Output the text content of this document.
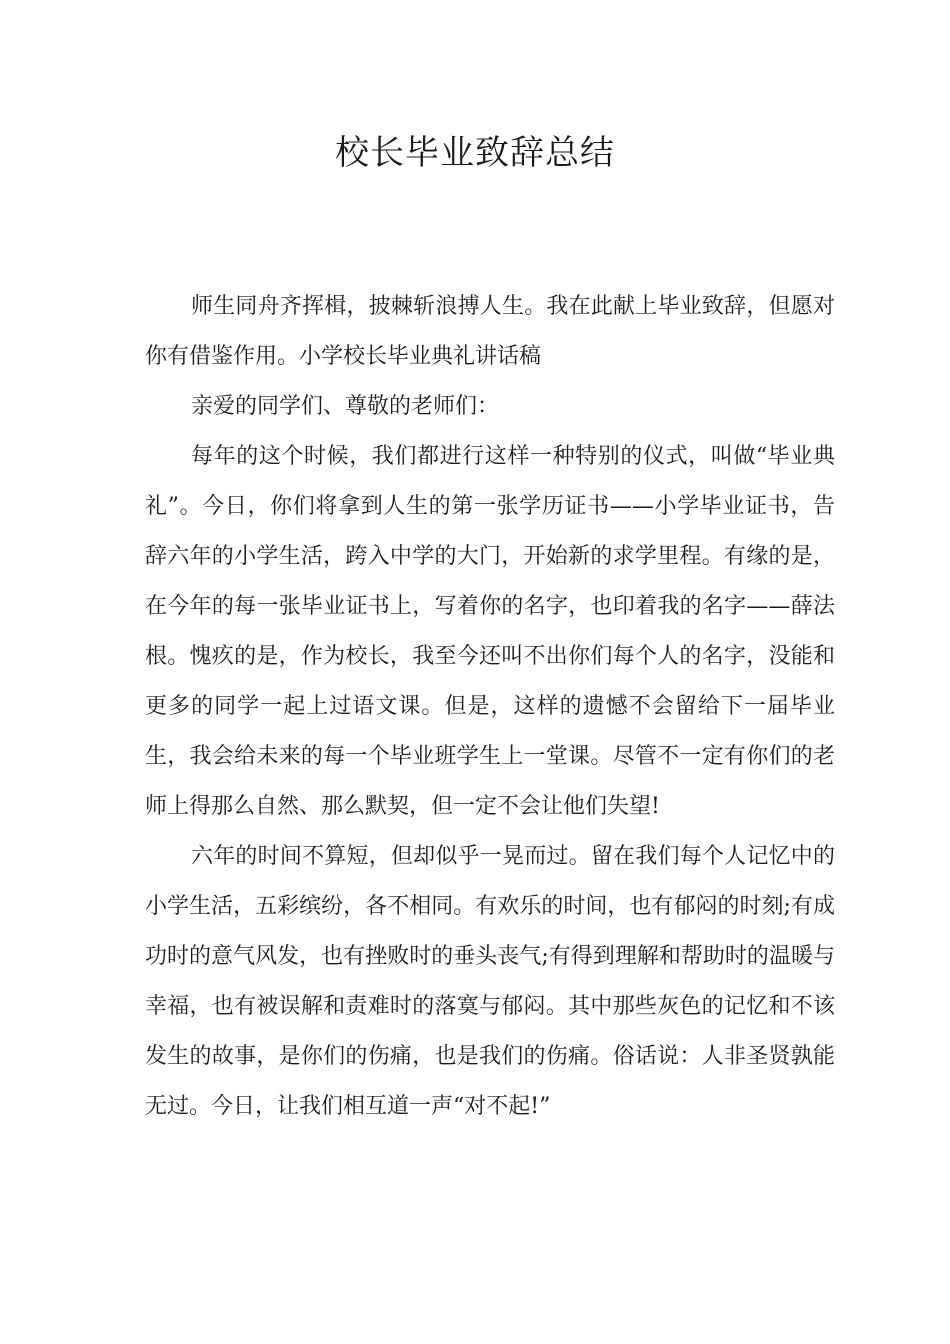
校长毕业致辞总结

师生同舟齐挥楫，披棘斩浪搏人生。我在此献上毕业致辞，但愿对你有借鉴作用。小学校长毕业典礼讲话稿

亲爱的同学们、尊敬的老师们：

每年的这个时候，我们都进行这样一种特别的仪式，叫做“毕业典礼”。今日，你们将拿到人生的第一张学历证书——小学毕业证书，告辞六年的小学生活，跨入中学的大门，开始新的求学里程。有缘的是，在今年的每一张毕业证书上，写着你的名字，也印着我的名字——薛法根。愧疚的是，作为校长，我至今还叫不出你们每个人的名字，没能和更多的同学一起上过语文课。但是，这样的遗憾不会留给下一届毕业生，我会给未来的每一个毕业班学生上一堂课。尽管不一定有你们的老师上得那么自然、那么默契，但一定不会让他们失望!

六年的时间不算短，但却似乎一晃而过。留在我们每个人记忆中的小学生活，五彩缤纷，各不相同。有欢乐的时间，也有郁闷的时刻;有成功时的意气风发，也有挫败时的垂头丧气;有得到理解和帮助时的温暖与幸福，也有被误解和责难时的落寞与郁闷。其中那些灰色的记忆和不该发生的故事，是你们的伤痛，也是我们的伤痛。俗话说：人非圣贤孰能无过。今日，让我们相互道一声“对不起!”
